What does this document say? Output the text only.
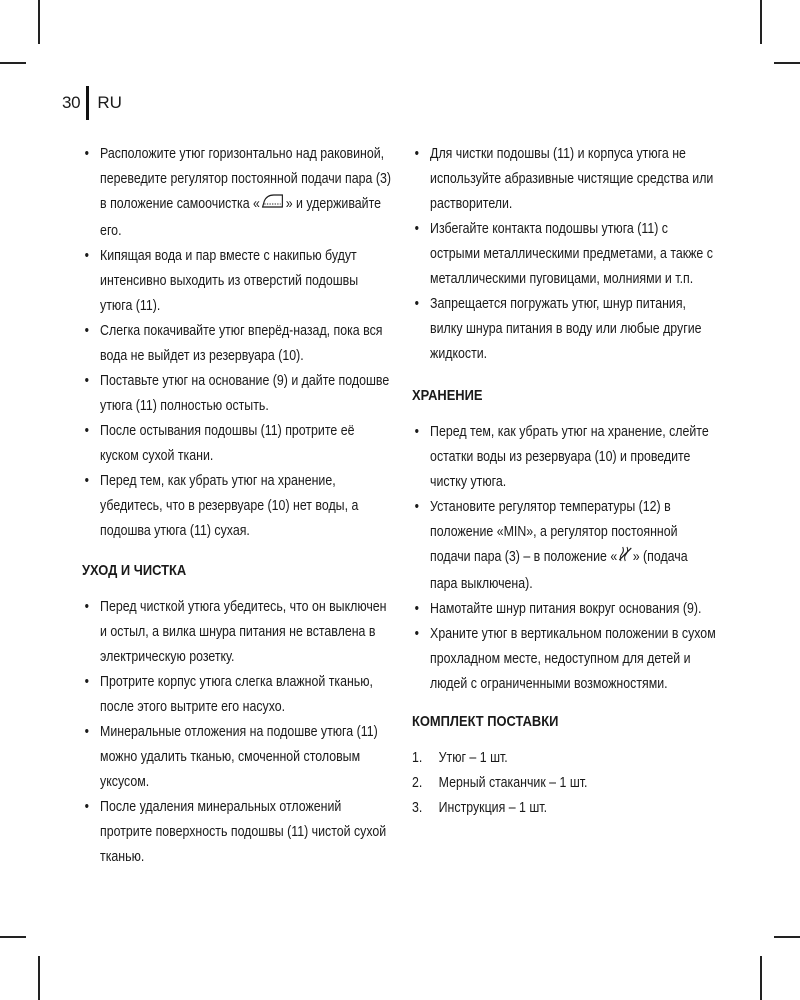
30 RU
• Расположите утюг горизонтально над раковиной, переведите регулятор постоянной подачи пара (3) в положение самоочистка « » и удерживайте его.
• Кипящая вода и пар вместе с накипью будут интенсивно выходить из отверстий подошвы утюга (11).
• Слегка покачивайте утюг вперёд-назад, пока вся вода не выйдет из резервуара (10).
• Поставьте утюг на основание (9) и дайте подошве утюга (11) полностью остыть.
• После остывания подошвы (11) протрите её куском сухой ткани.
• Перед тем, как убрать утюг на хранение, убедитесь, что в резервуаре (10) нет воды, а подошва утюга (11) сухая.
УХОД И ЧИСТКА
• Перед чисткой утюга убедитесь, что он выключен и остыл, а вилка шнура питания не вставлена в электрическую розетку.
• Протрите корпус утюга слегка влажной тканью, после этого вытрите его насухо.
• Минеральные отложения на подошве утюга (11) можно удалить тканью, смоченной столовым уксусом.
• После удаления минеральных отложений протрите поверхность подошвы (11) чистой сухой тканью.
• Для чистки подошвы (11) и корпуса утюга не используйте абразивные чистящие средства или растворители.
• Избегайте контакта подошвы утюга (11) с острыми металлическими предметами, а также с металлическими пуговицами, молниями и т.п.
• Запрещается погружать утюг, шнур питания, вилку шнура питания в воду или любые другие жидкости.
ХРАНЕНИЕ
• Перед тем, как убрать утюг на хранение, слейте остатки воды из резервуара (10) и проведите чистку утюга.
• Установите регулятор температуры (12) в положение «MIN», а регулятор постоянной подачи пара (3) – в положение « » (подача пара выключена).
• Намотайте шнур питания вокруг основания (9).
• Храните утюг в вертикальном положении в сухом прохладном месте, недоступном для детей и людей с ограниченными возможностями.
КОМПЛЕКТ ПОСТАВКИ
1. Утюг – 1 шт.
2. Мерный стаканчик – 1 шт.
3. Инструкция – 1 шт.
